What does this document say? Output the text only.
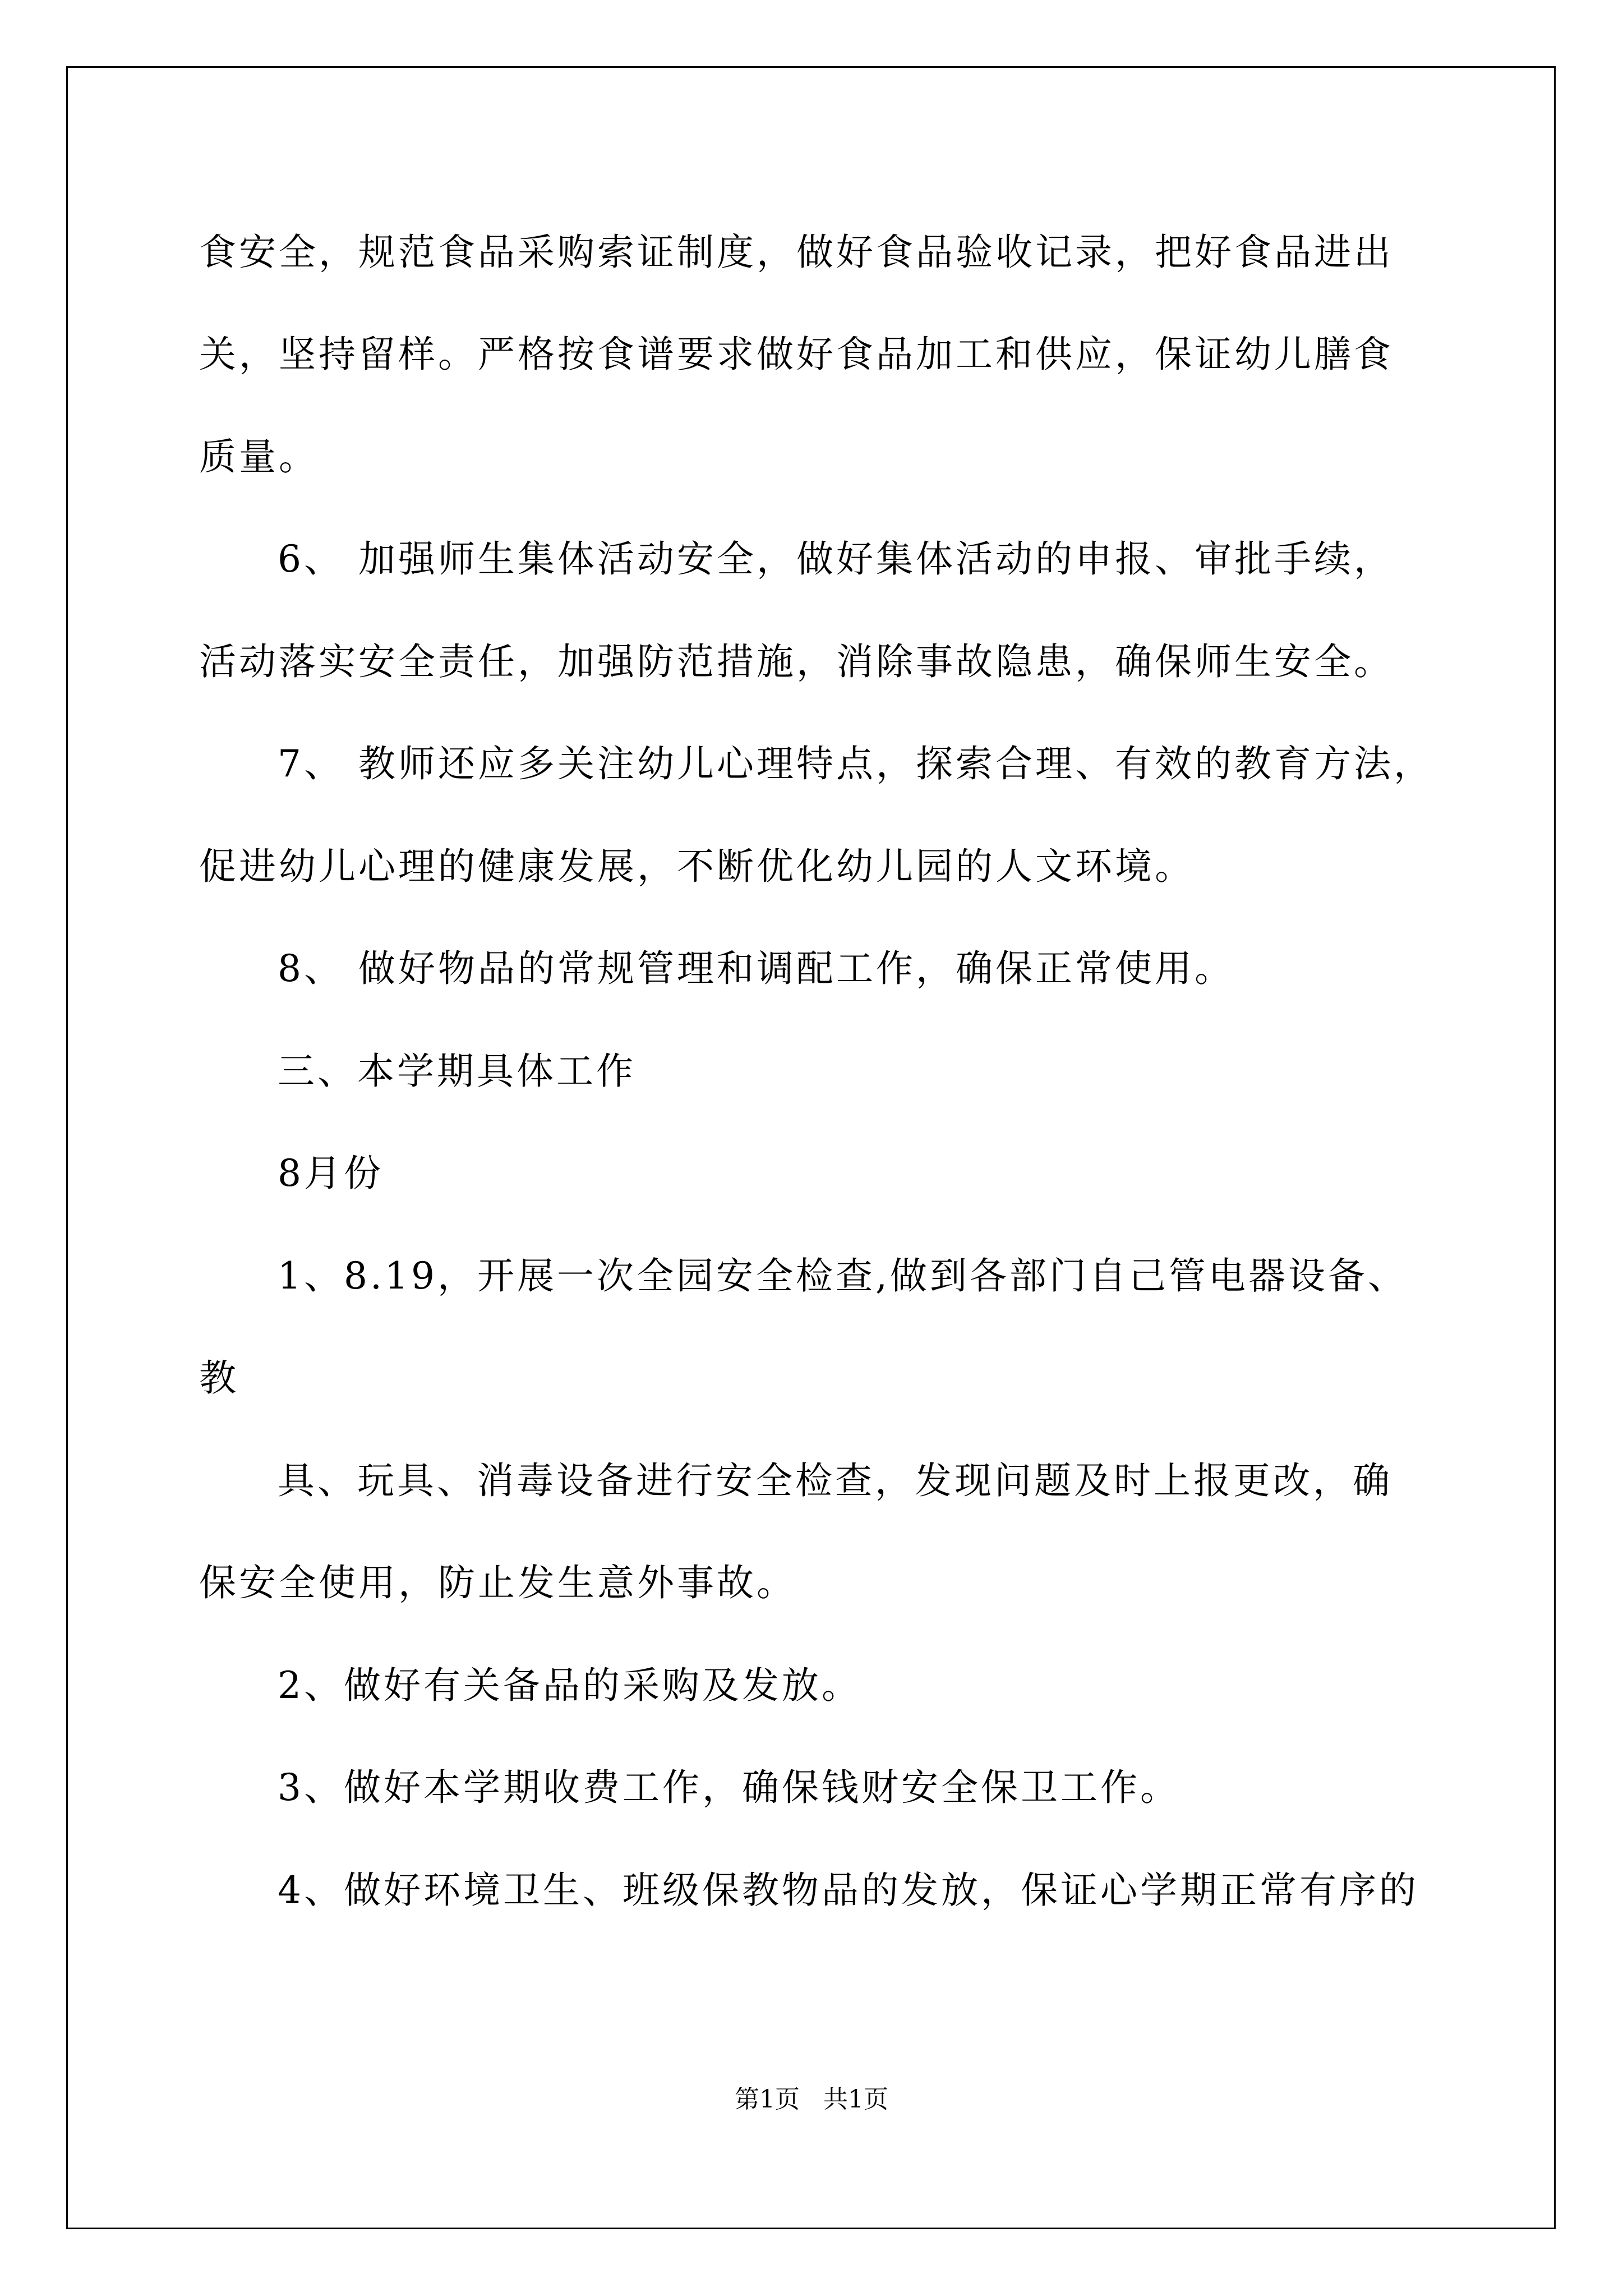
食安全，规范食品采购索证制度，做好食品验收记录，把好食品进出
关，坚持留样。严格按食谱要求做好食品加工和供应，保证幼儿膳食
质量。
6、 加强师生集体活动安全，做好集体活动的申报、审批手续，
活动落实安全责任，加强防范措施，消除事故隐患，确保师生安全。
7、 教师还应多关注幼儿心理特点，探索合理、有效的教育方法，
促进幼儿心理的健康发展，不断优化幼儿园的人文环境。
8、 做好物品的常规管理和调配工作，确保正常使用。
三、本学期具体工作
8月份
1、8.19，开展一次全园安全检查,做到各部门自己管电器设备、
教
具、玩具、消毒设备进行安全检查，发现问题及时上报更改，确
保安全使用，防止发生意外事故。
2、做好有关备品的采购及发放。
3、做好本学期收费工作，确保钱财安全保卫工作。
4、做好环境卫生、班级保教物品的发放，保证心学期正常有序的
第1页   共1页
